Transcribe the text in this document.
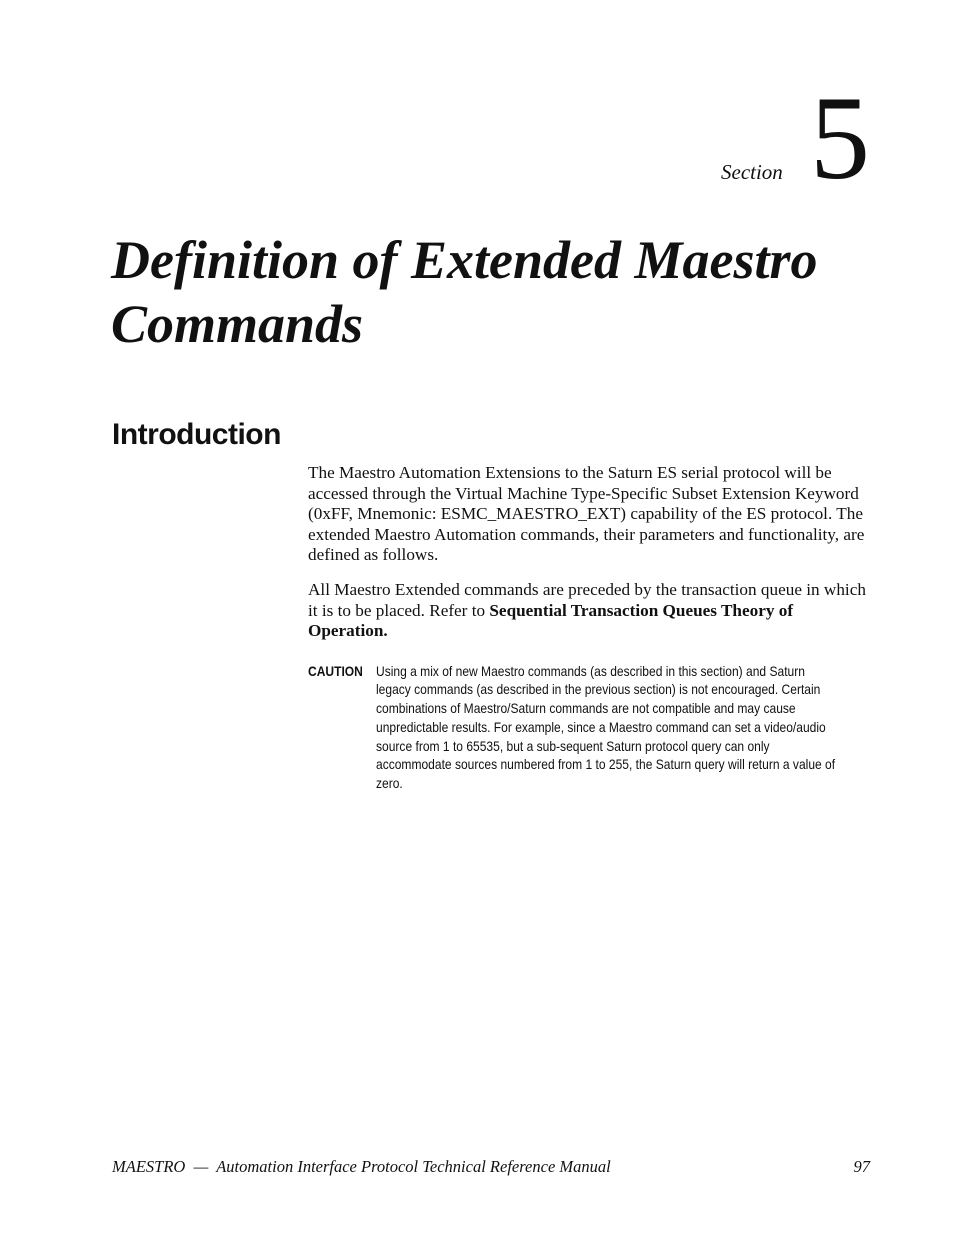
Section 5
Definition of Extended Maestro Commands
Introduction

The Maestro Automation Extensions to the Saturn ES serial protocol will be accessed through the Virtual Machine Type-Specific Subset Extension Keyword (0xFF, Mnemonic: ESMC_MAESTRO_EXT) capability of the ES protocol. The extended Maestro Automation commands, their parameters and functionality, are defined as follows.

All Maestro Extended commands are preceded by the transaction queue in which it is to be placed. Refer to Sequential Transaction Queues Theory of Operation.

CAUTION Using a mix of new Maestro commands (as described in this section) and Saturn legacy commands (as described in the previous section) is not encouraged. Certain combinations of Maestro/Saturn commands are not compatible and may cause unpredictable results. For example, since a Maestro command can set a video/audio source from 1 to 65535, but a sub-sequent Saturn protocol query can only accommodate sources numbered from 1 to 255, the Saturn query will return a value of zero.
MAESTRO  —  Automation Interface Protocol Technical Reference Manual	97
